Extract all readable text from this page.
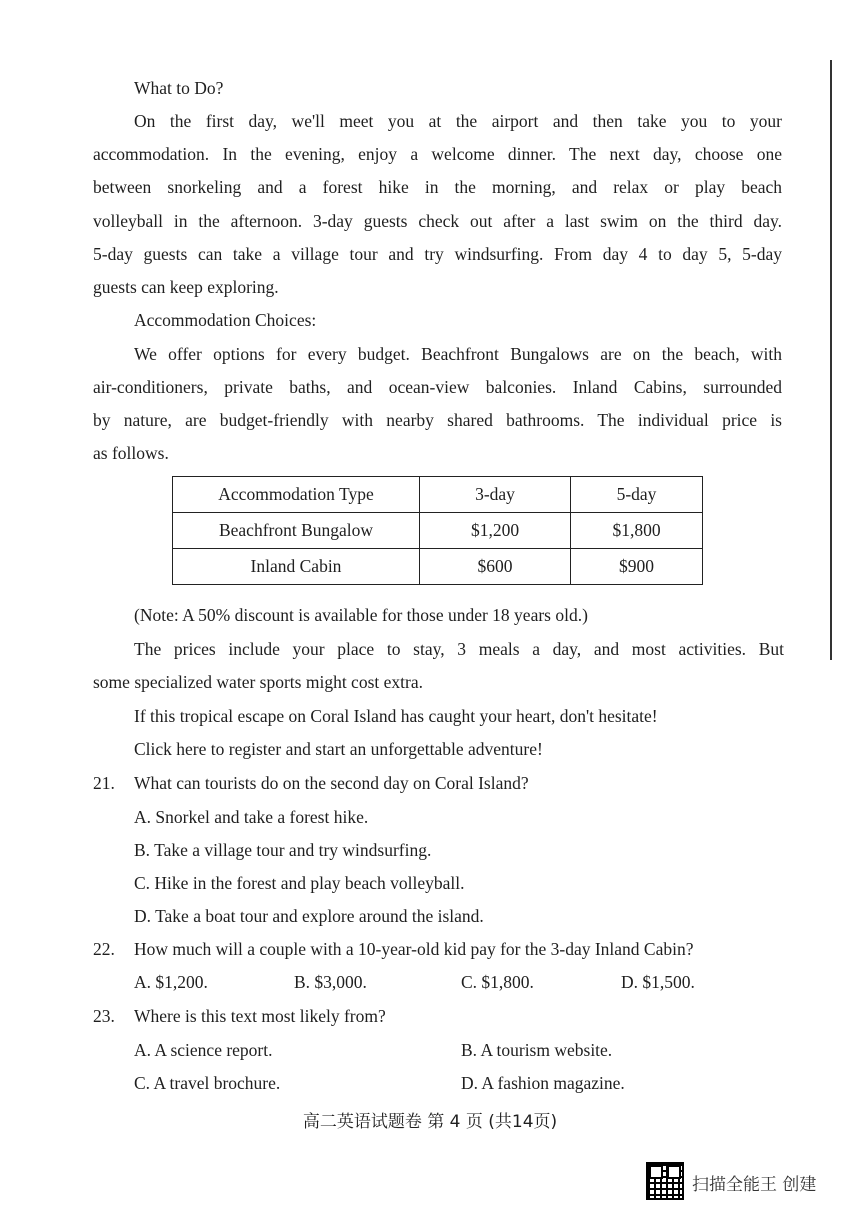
What to Do?

On the first day, we'll meet you at the airport and then take you to your

accommodation. In the evening, enjoy a welcome dinner. The next day, choose one

between snorkeling and a forest hike in the morning, and relax or play beach

volleyball in the afternoon. 3-day guests check out after a last swim on the third day.

5-day guests can take a village tour and try windsurfing. From day 4 to day 5, 5-day

guests can keep exploring.

Accommodation Choices:

We offer options for every budget. Beachfront Bungalows are on the beach, with

air-conditioners, private baths, and ocean-view balconies. Inland Cabins, surrounded

by nature, are budget-friendly with nearby shared bathrooms. The individual price is

as follows.

Accommodation Type	3-day	5-day
Beachfront Bungalow	$1,200	$1,800
Inland Cabin	$600	$900

(Note: A 50% discount is available for those under 18 years old.)

The prices include your place to stay, 3 meals a day, and most activities. But

some specialized water sports might cost extra.

If this tropical escape on Coral Island has caught your heart, don't hesitate!

Click here to register and start an unforgettable adventure!

21. What can tourists do on the second day on Coral Island?
A. Snorkel and take a forest hike.
B. Take a village tour and try windsurfing.
C. Hike in the forest and play beach volleyball.
D. Take a boat tour and explore around the island.
22. How much will a couple with a 10-year-old kid pay for the 3-day Inland Cabin?
A. $1,200.	B. $3,000.	C. $1,800.	D. $1,500.
23. Where is this text most likely from?
A. A science report.	B. A tourism website.
C. A travel brochure.	D. A fashion magazine.
高二英语试题卷 第 4 页 (共14页)
扫描全能王 创建
